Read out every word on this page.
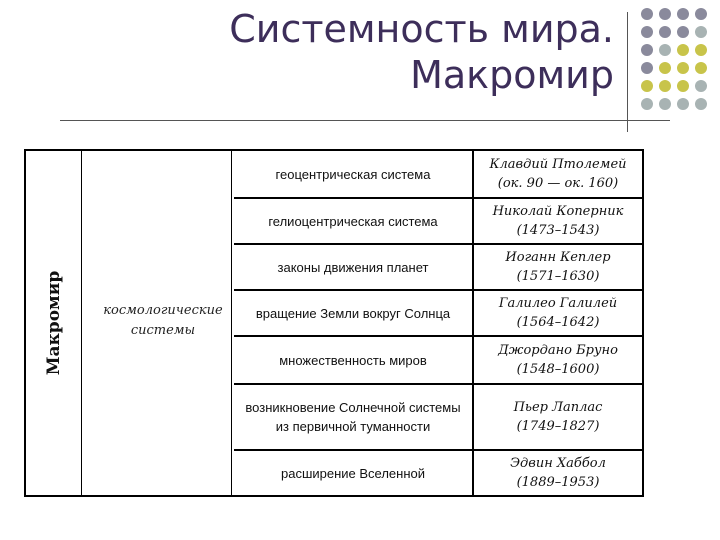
Системность мира.
Макромир
Макромир	космологические системы
геоцентрическая система
Клавдий Птолемей
(ок. 90 — ок. 160)
гелиоцентрическая система
Николай Коперник
(1473–1543)
законы движения планет
Иоганн Кеплер
(1571–1630)
вращение Земли вокруг Солнца
Галилео Галилей
(1564–1642)
множественность миров
Джордано Бруно
(1548–1600)
возникновение Солнечной системы из первичной туманности
Пьер Лаплас
(1749–1827)
расширение Вселенной
Эдвин Хаббол
(1889–1953)
